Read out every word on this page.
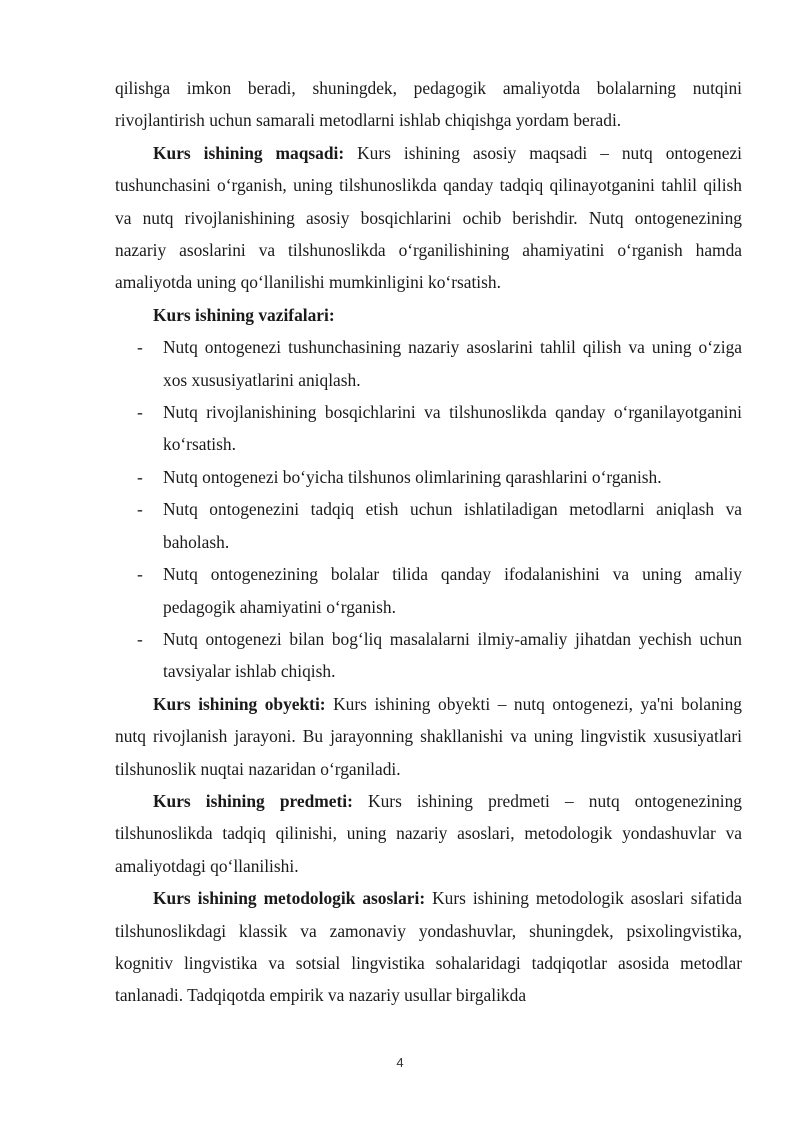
qilishga imkon beradi, shuningdek, pedagogik amaliyotda bolalarning nutqini rivojlantirish uchun samarali metodlarni ishlab chiqishga yordam beradi.

Kurs ishining maqsadi: Kurs ishining asosiy maqsadi – nutq ontogenezi tushunchasini o‘rganish, uning tilshunoslikda qanday tadqiq qilinayotganini tahlil qilish va nutq rivojlanishining asosiy bosqichlarini ochib berishdir. Nutq ontogenezining nazariy asoslarini va tilshunoslikda o‘rganilishining ahamiyatini o‘rganish hamda amaliyotda uning qo‘llanilishi mumkinligini ko‘rsatish.

Kurs ishining vazifalari:

- Nutq ontogenezi tushunchasining nazariy asoslarini tahlil qilish va uning o‘ziga xos xususiyatlarini aniqlash.
- Nutq rivojlanishining bosqichlarini va tilshunoslikda qanday o‘rganilayotganini ko‘rsatish.
- Nutq ontogenezi bo‘yicha tilshunos olimlarining qarashlarini o‘rganish.
- Nutq ontogenezini tadqiq etish uchun ishlatiladigan metodlarni aniqlash va baholash.
- Nutq ontogenezining bolalar tilida qanday ifodalanishini va uning amaliy pedagogik ahamiyatini o‘rganish.
- Nutq ontogenezi bilan bog‘liq masalalarni ilmiy-amaliy jihatdan yechish uchun tavsiyalar ishlab chiqish.

Kurs ishining obyekti: Kurs ishining obyekti – nutq ontogenezi, ya'ni bolaning nutq rivojlanish jarayoni. Bu jarayonning shakllanishi va uning lingvistik xususiyatlari tilshunoslik nuqtai nazaridan o‘rganiladi.

Kurs ishining predmeti: Kurs ishining predmeti – nutq ontogenezining tilshunoslikda tadqiq qilinishi, uning nazariy asoslari, metodologik yondashuvlar va amaliyotdagi qo‘llanilishi.

Kurs ishining metodologik asoslari: Kurs ishining metodologik asoslari sifatida tilshunoslikdagi klassik va zamonaviy yondashuvlar, shuningdek, psixolingvistika, kognitiv lingvistika va sotsial lingvistika sohalaridagi tadqiqotlar asosida metodlar tanlanadi. Tadqiqotda empirik va nazariy usullar birgalikda

4
